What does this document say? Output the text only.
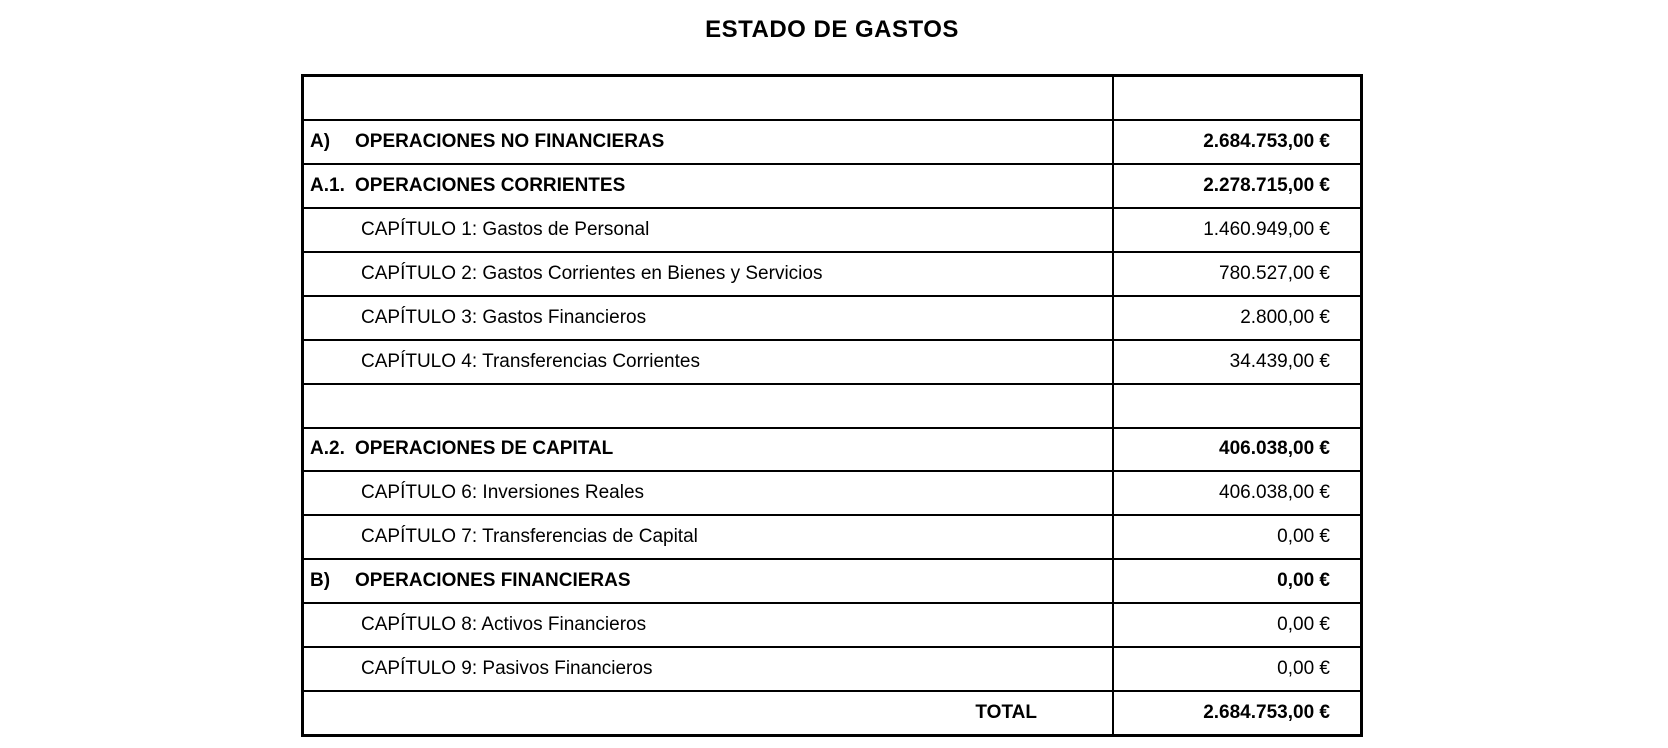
ESTADO DE GASTOS
A)	OPERACIONES NO FINANCIERAS	2.684.753,00 €
A.1. OPERACIONES CORRIENTES	2.278.715,00 €
CAPÍTULO 1: Gastos de Personal	1.460.949,00 €
CAPÍTULO 2: Gastos Corrientes en Bienes y Servicios	780.527,00 €
CAPÍTULO 3: Gastos Financieros	2.800,00 €
CAPÍTULO 4: Transferencias Corrientes	34.439,00 €
A.2. OPERACIONES DE CAPITAL	406.038,00 €
CAPÍTULO 6: Inversiones Reales	406.038,00 €
CAPÍTULO 7: Transferencias de Capital	0,00 €
B)	OPERACIONES FINANCIERAS	0,00 €
CAPÍTULO 8: Activos Financieros	0,00 €
CAPÍTULO 9: Pasivos Financieros	0,00 €
TOTAL	2.684.753,00 €
